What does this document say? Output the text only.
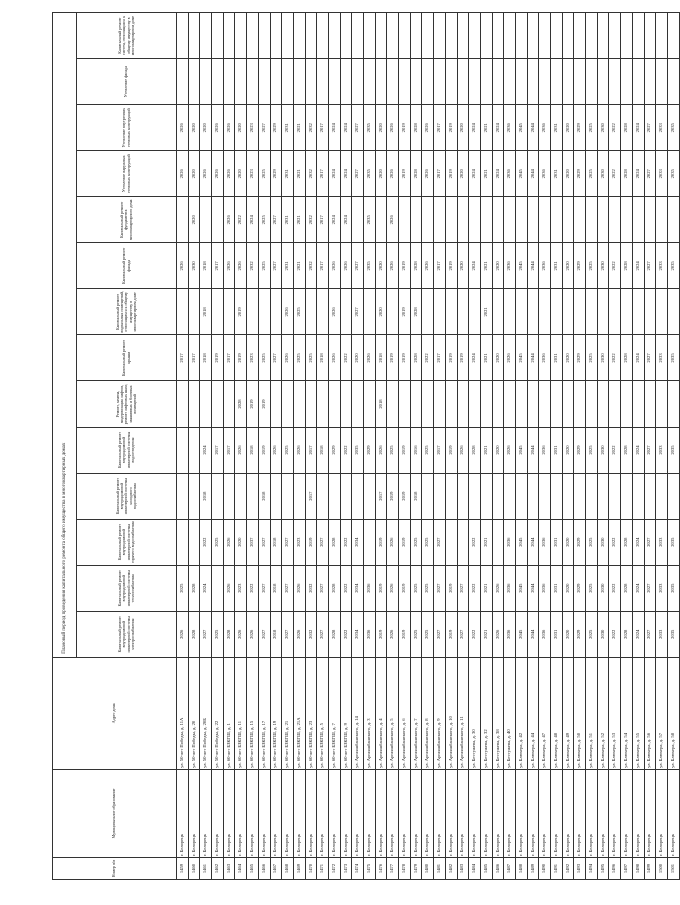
Номер п/п	Муниципальное образование	Адрес дома	Плановый период проведения капитального ремонта общего имущества в многоквартирных домах													
			Капитальный ремонт внутридомовой инженерной системы электроснабжения	Капитальный ремонт внутридомовой инженерной системы теплоснабжения	Капитальный ремонт внутридомовой инженерной системы горячего водоснабжения	Капитальный ремонт внутридомовой инженерной системы холодного водоснабжения	Капитальный ремонт внутридомовой инженерной системы водоотведения	Ремонт, замена, модернизация лифтов, ремонт лифтовых шахт, машинных и блочных помещений	Капитальный ремонт крыши	Капитальный ремонт подвальных помещений, относящихся к общему имуществу в многоквартирном доме	Капитальный ремонт фасада	Капитальный ремонт фундамента многоквартирного дома	Утепление наружных стеновых конструкций	Утепление внутренних стеновых конструкций	Утепление фасада	Капитальный ремонт систем, относящихся к общему имуществу в многоквартирном доме
1459	г. Белорецк	ул. 50-лет Победы, д. 11А	2026	2025					2017		2026		2026	2026		
1460	г. Белорецк	ул. 50-лет Победы, д. 20	2028	2028					2017		2030	2020	2020	2020		
1461	г. Белорецк	ул. 50-лет Победы, д. 20Б	2027	2024	2022	2018	2024		2018	2018	2018		2026	2020		
1462	г. Белорецк	ул. 50-лет Победы, д. 22	2025		2025		2017		2019		2017		2026	2026		
1463	г. Белорецк	ул. 60-лет БЗКГШ, д. 1	2028	2026	2026		2017		2017		2026	2026	2026	2026		
1464	г. Белорецк	ул. 60-лет БЗКГШ, д. 11	2026	2023	2020		2026	2028	2019	2019	2026	2022	2020	2020		
1465	г. Белорецк	ул. 60-лет БЗКГШ, д. 15	2026	2022	2037		2018	2019	2023		2032	2024	2023	2023		
1466	г. Белорецк	ул. 60-лет БЗКГШ, д. 17	2027	2027	2027	2018	2019	2019	2025		2025	2025	2025	2027		
1467	г. Белорецк	ул. 60-лет БЗКГШ, д. 19	2018	2018	2018		2026		2027		2027	2027	2029	2029		
1468	г. Белорецк	ул. 60-лет БЗКГШ, д. 21	2027	2027	2027		2025		2026	2026	2031	2031	2031	2031		
1469	г. Белорецк	ул. 60-лет БЗКГШ, д. 21А	2026	2026	2023		2026		2025	2025	2021	2021	2021	2021		
1470	г. Белорецк	ул. 60-лет БЗКГШ, д. 23	2032	2032	2019	2017	2017		2025		2032	2032	2032	2032		
1471	г. Белорецк	ул. 60-лет БЗКГШ, д. 5	2027	2027	2027		2018		2018		2017	2017	2017	2017		
1472	г. Белорецк	ул. 60-лет БЗКГШ, д. 7	2028	2028	2028		2029		2026	2026	2026	2024	2024	2024		
1473	г. Белорецк	ул. 60-лет БЗКГШ, д. 9	2022	2022	2022		2022		2022		2026	2024	2024	2024		
1474	г. Белорецк	ул. Аргаяшбашского, д. 14	2034	2034	2034		2035		2020	2027	2027		2027	2027		
1475	г. Белорецк	ул. Аргаяшбашского, д. 3	2036	2036			2029		2026		2035	2035	2035	2035		
1476	г. Белорецк	ул. Аргаяшбашского, д. 4	2019	2019	2019	2017	2026	2018	2018	2020	2020		2020	2020		
1477	г. Белорецк	ул. Аргаяшбашского, д. 5	2026	2026	2026	2019	2025		2019		2026	2026	2026	2026		
1478	г. Белорецк	ул. Аргаяшбашского, д. 6	2019	2019	2019	2019	2019		2019	2019	2019		2019	2019		
1479	г. Белорецк	ул. Аргаяшбашского, д. 7	2025	2025	2025	2018	2016		2028	2028	2028		2028	2028		
1480	г. Белорецк	ул. Аргаяшбашского, д. 8	2025	2025	2025		2025		2022		2026		2026	2026		
1481	г. Белорецк	ул. Аргаяшбашского, д. 9	2027	2027	2027		2017		2017		2017		2017	2017		
1482	г. Белорецк	ул. Аргаяшбашского, д. 10	2019	2019			2019		2019		2019		2019	2019		
1483	г. Белорецк	ул. Аргаяшбашского, д. 11	2027	2027			2026		2019		2020		2020	2020		
1484	г. Белорецк	ул. Бестужева, д. 30	2022	2022	2022		2028		2024		2024		2024	2024		
1485	г. Белорецк	ул. Бестужева, д. 32	2021	2021	2021		2021		2021	2021	2021		2021	2021		
1486	г. Белорецк	ул. Бестужева, д. 38	2026	2026			2020		2020		2020		2024	2024		
1487	г. Белорецк	ул. Бестужева, д. 40	2036	2036	2036		2026		2026		2036		2036	2036		
1488	г. Белорецк	ул. Блюхера, д. 42	2045	2045	2045		2045		2045		2045		2045	2045		
1489	г. Белорецк	ул. Блюхера, д. 44	2044	2044	2044		2044		2044		2044		2044	2044		
1490	г. Белорецк	ул. Блюхера, д. 47	2036	2036	2036		2036		2036		2036		2036	2036		
1491	г. Белорецк	ул. Блюхера, д. 48	2031	2031	2031		2031		2031		2031		2031	2031		
1492	г. Белорецк	ул. Блюхера, д. 49	2020	2020	2020		2020		2020		2020		2020	2020		
1493	г. Белорецк	ул. Блюхера, д. 50	2029	2029	2029		2029		2029		2029		2029	2029		
1494	г. Белорецк	ул. Блюхера, д. 51	2025	2025	2025		2025		2025		2025		2025	2025		
1495	г. Белорецк	ул. Блюхера, д. 52	2030	2030	2030		2030		2030		2030		2030	2030		
1496	г. Белорецк	ул. Блюхера, д. 53	2022	2022	2022		2022		2022		2022		2022	2022		
1497	г. Белорецк	ул. Блюхера, д. 54	2028	2028	2028		2028		2028		2028		2028	2028		
1498	г. Белорецк	ул. Блюхера, д. 55	2024	2024	2024		2024		2024		2024		2024	2024		
1499	г. Белорецк	ул. Блюхера, д. 56	2027	2027	2027		2027		2027		2027		2027	2027		
1500	г. Белорецк	ул. Блюхера, д. 57	2033	2033	2033		2033		2033		2033		2033	2033		
1501	г. Белорецк	ул. Блюхера, д. 58	2035	2035	2035		2035		2035		2035		2035	2035		
